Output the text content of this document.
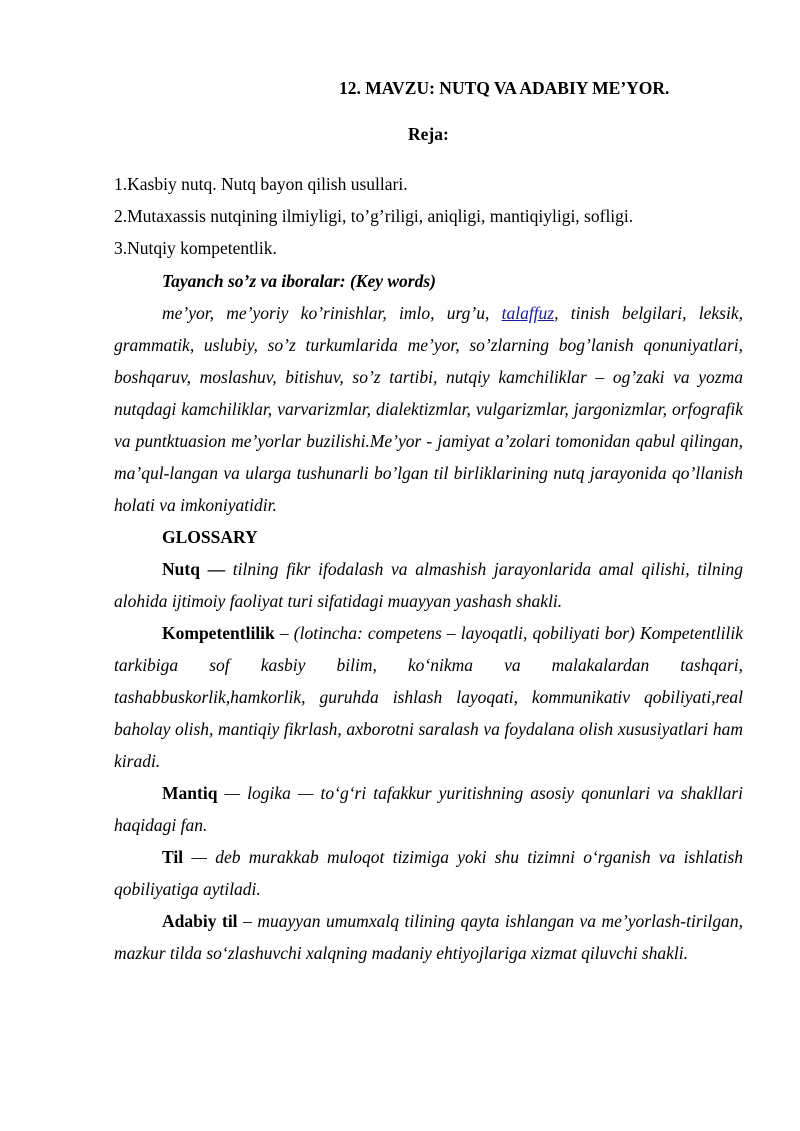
12. MAVZU: NUTQ VA ADABIY ME’YOR.
Reja:
1.Kasbiy nutq. Nutq bayon qilish usullari.
2.Mutaxassis nutqining ilmiyligi, to’g’riligi, aniqligi, mantiqiyligi, sofligi.
3.Nutqiy kompetentlik.

Tayanch so’z va iboralar: (Key words)

me’yor, me’yoriy ko’rinishlar, imlo, urg’u, talaffuz, tinish belgilari, leksik, grammatik, uslubiy, so’z turkumlarida me’yor, so’zlarning bog’lanish qonuniyatlari, boshqaruv, moslashuv, bitishuv, so’z tartibi, nutqiy kamchiliklar – og’zaki va yozma nutqdagi kamchiliklar, varvarizmlar, dialektizmlar, vulgarizmlar, jargonizmlar, orfografik va puntktuasion me’yorlar buzilishi.Me’yor - jamiyat a’zolari tomonidan qabul qilingan, ma’qul-langan va ularga tushunarli bo’lgan til birliklarining nutq jarayonida qo’llanish holati va imkoniyatidir.

GLOSSARY

Nutq — tilning fikr ifodalash va almashish jarayonlarida amal qilishi, tilning alohida ijtimoiy faoliyat turi sifatidagi muayyan yashash shakli.

Kompetentlilik – (lotincha: competens – layoqatli, qobiliyati bor) Kompetentlilik tarkibiga sof kasbiy bilim, ko‘nikma va malakalardan tashqari, tashabbuskorlik,hamkorlik, guruhda ishlash layoqati, kommunikativ qobiliyati,real baholay olish, mantiqiy fikrlash, axborotni saralash va foydalana olish xususiyatlari ham kiradi.

Mantiq — logika — to‘g‘ri tafakkur yuritishning asosiy qonunlari va shakllari haqidagi fan.

Til — deb murakkab muloqot tizimiga yoki shu tizimni o‘rganish va ishlatish qobiliyatiga aytiladi.

Adabiy til – muayyan umumxalq tilining qayta ishlangan va me’yorlash-tirilgan, mazkur tilda so‘zlashuvchi xalqning madaniy ehtiyojlariga xizmat qiluvchi shakli.
